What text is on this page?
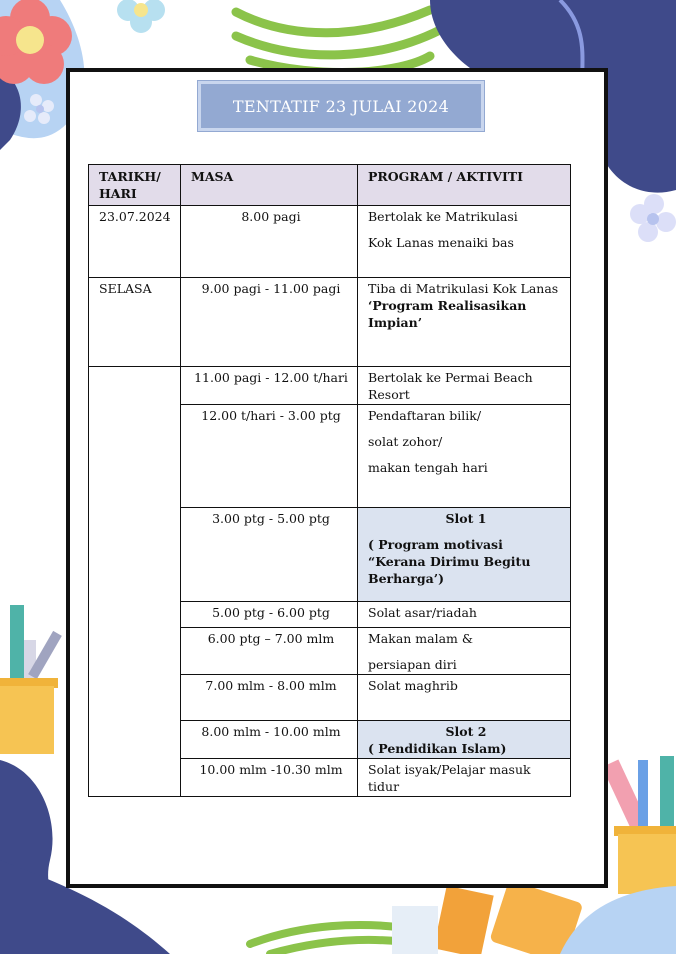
TENTATIF 23 JULAI 2024
TARIKH/ HARI	MASA	PROGRAM / AKTIVITI
23.07.2024	8.00 pagi	Bertolak ke Matrikulasi
Kok Lanas menaiki bas

SELASA	9.00 pagi - 11.00 pagi	Tiba di Matrikulasi Kok Lanas
‘Program Realisasikan Impian’

	11.00 pagi - 12.00 t/hari	Bertolak ke Permai Beach Resort
	12.00 t/hari - 3.00 ptg	Pendaftaran bilik/
solat zohor/
makan tengah hari

	3.00 ptg - 5.00 ptg	Slot 1
( Program motivasi “Kerana Dirimu Begitu Berharga’)

	5.00 ptg - 6.00 ptg	Solat asar/riadah
	6.00 ptg – 7.00 mlm	Makan malam &
persiapan diri

	7.00 mlm - 8.00 mlm	Solat maghrib
	8.00 mlm - 10.00 mlm	Slot 2
( Pendidikan Islam)

	10.00 mlm -10.30 mlm	Solat isyak/Pelajar masuk tidur
